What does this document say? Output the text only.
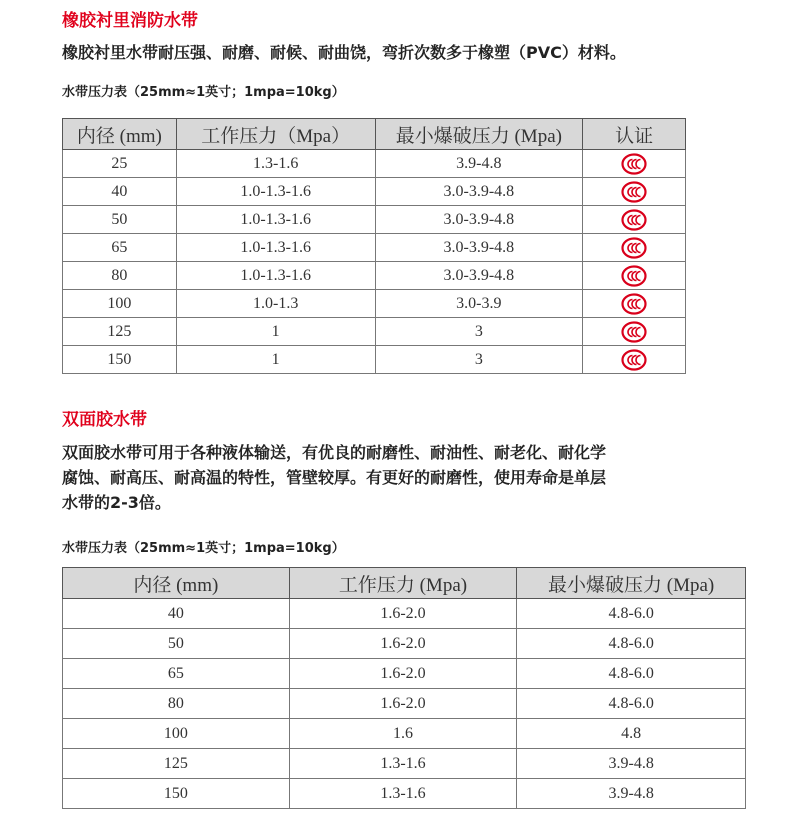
橡胶衬里消防水带
橡胶衬里水带耐压强、耐磨、耐候、耐曲饶，弯折次数多于橡塑（PVC）材料。
水带压力表（25mm≈1英寸；1mpa=10kg）
内径 (mm)	工作压力（Mpa）	最小爆破压力 (Mpa)	认证
25	1.3-1.6	3.9-4.8	

40	1.0-1.3-1.6	3.0-3.9-4.8	

50	1.0-1.3-1.6	3.0-3.9-4.8	

65	1.0-1.3-1.6	3.0-3.9-4.8	

80	1.0-1.3-1.6	3.0-3.9-4.8	

100	1.0-1.3	3.0-3.9	

125	1	3	

150	1	3	
双面胶水带
双面胶水带可用于各种液体输送，有优良的耐磨性、耐油性、耐老化、耐化学
腐蚀、耐高压、耐高温的特性，管壁较厚。有更好的耐磨性，使用寿命是单层
水带的2-3倍。
水带压力表（25mm≈1英寸；1mpa=10kg）
内径 (mm)	工作压力 (Mpa)	最小爆破压力 (Mpa)
40	1.6-2.0	4.8-6.0
50	1.6-2.0	4.8-6.0
65	1.6-2.0	4.8-6.0
80	1.6-2.0	4.8-6.0
100	1.6	4.8
125	1.3-1.6	3.9-4.8
150	1.3-1.6	3.9-4.8
